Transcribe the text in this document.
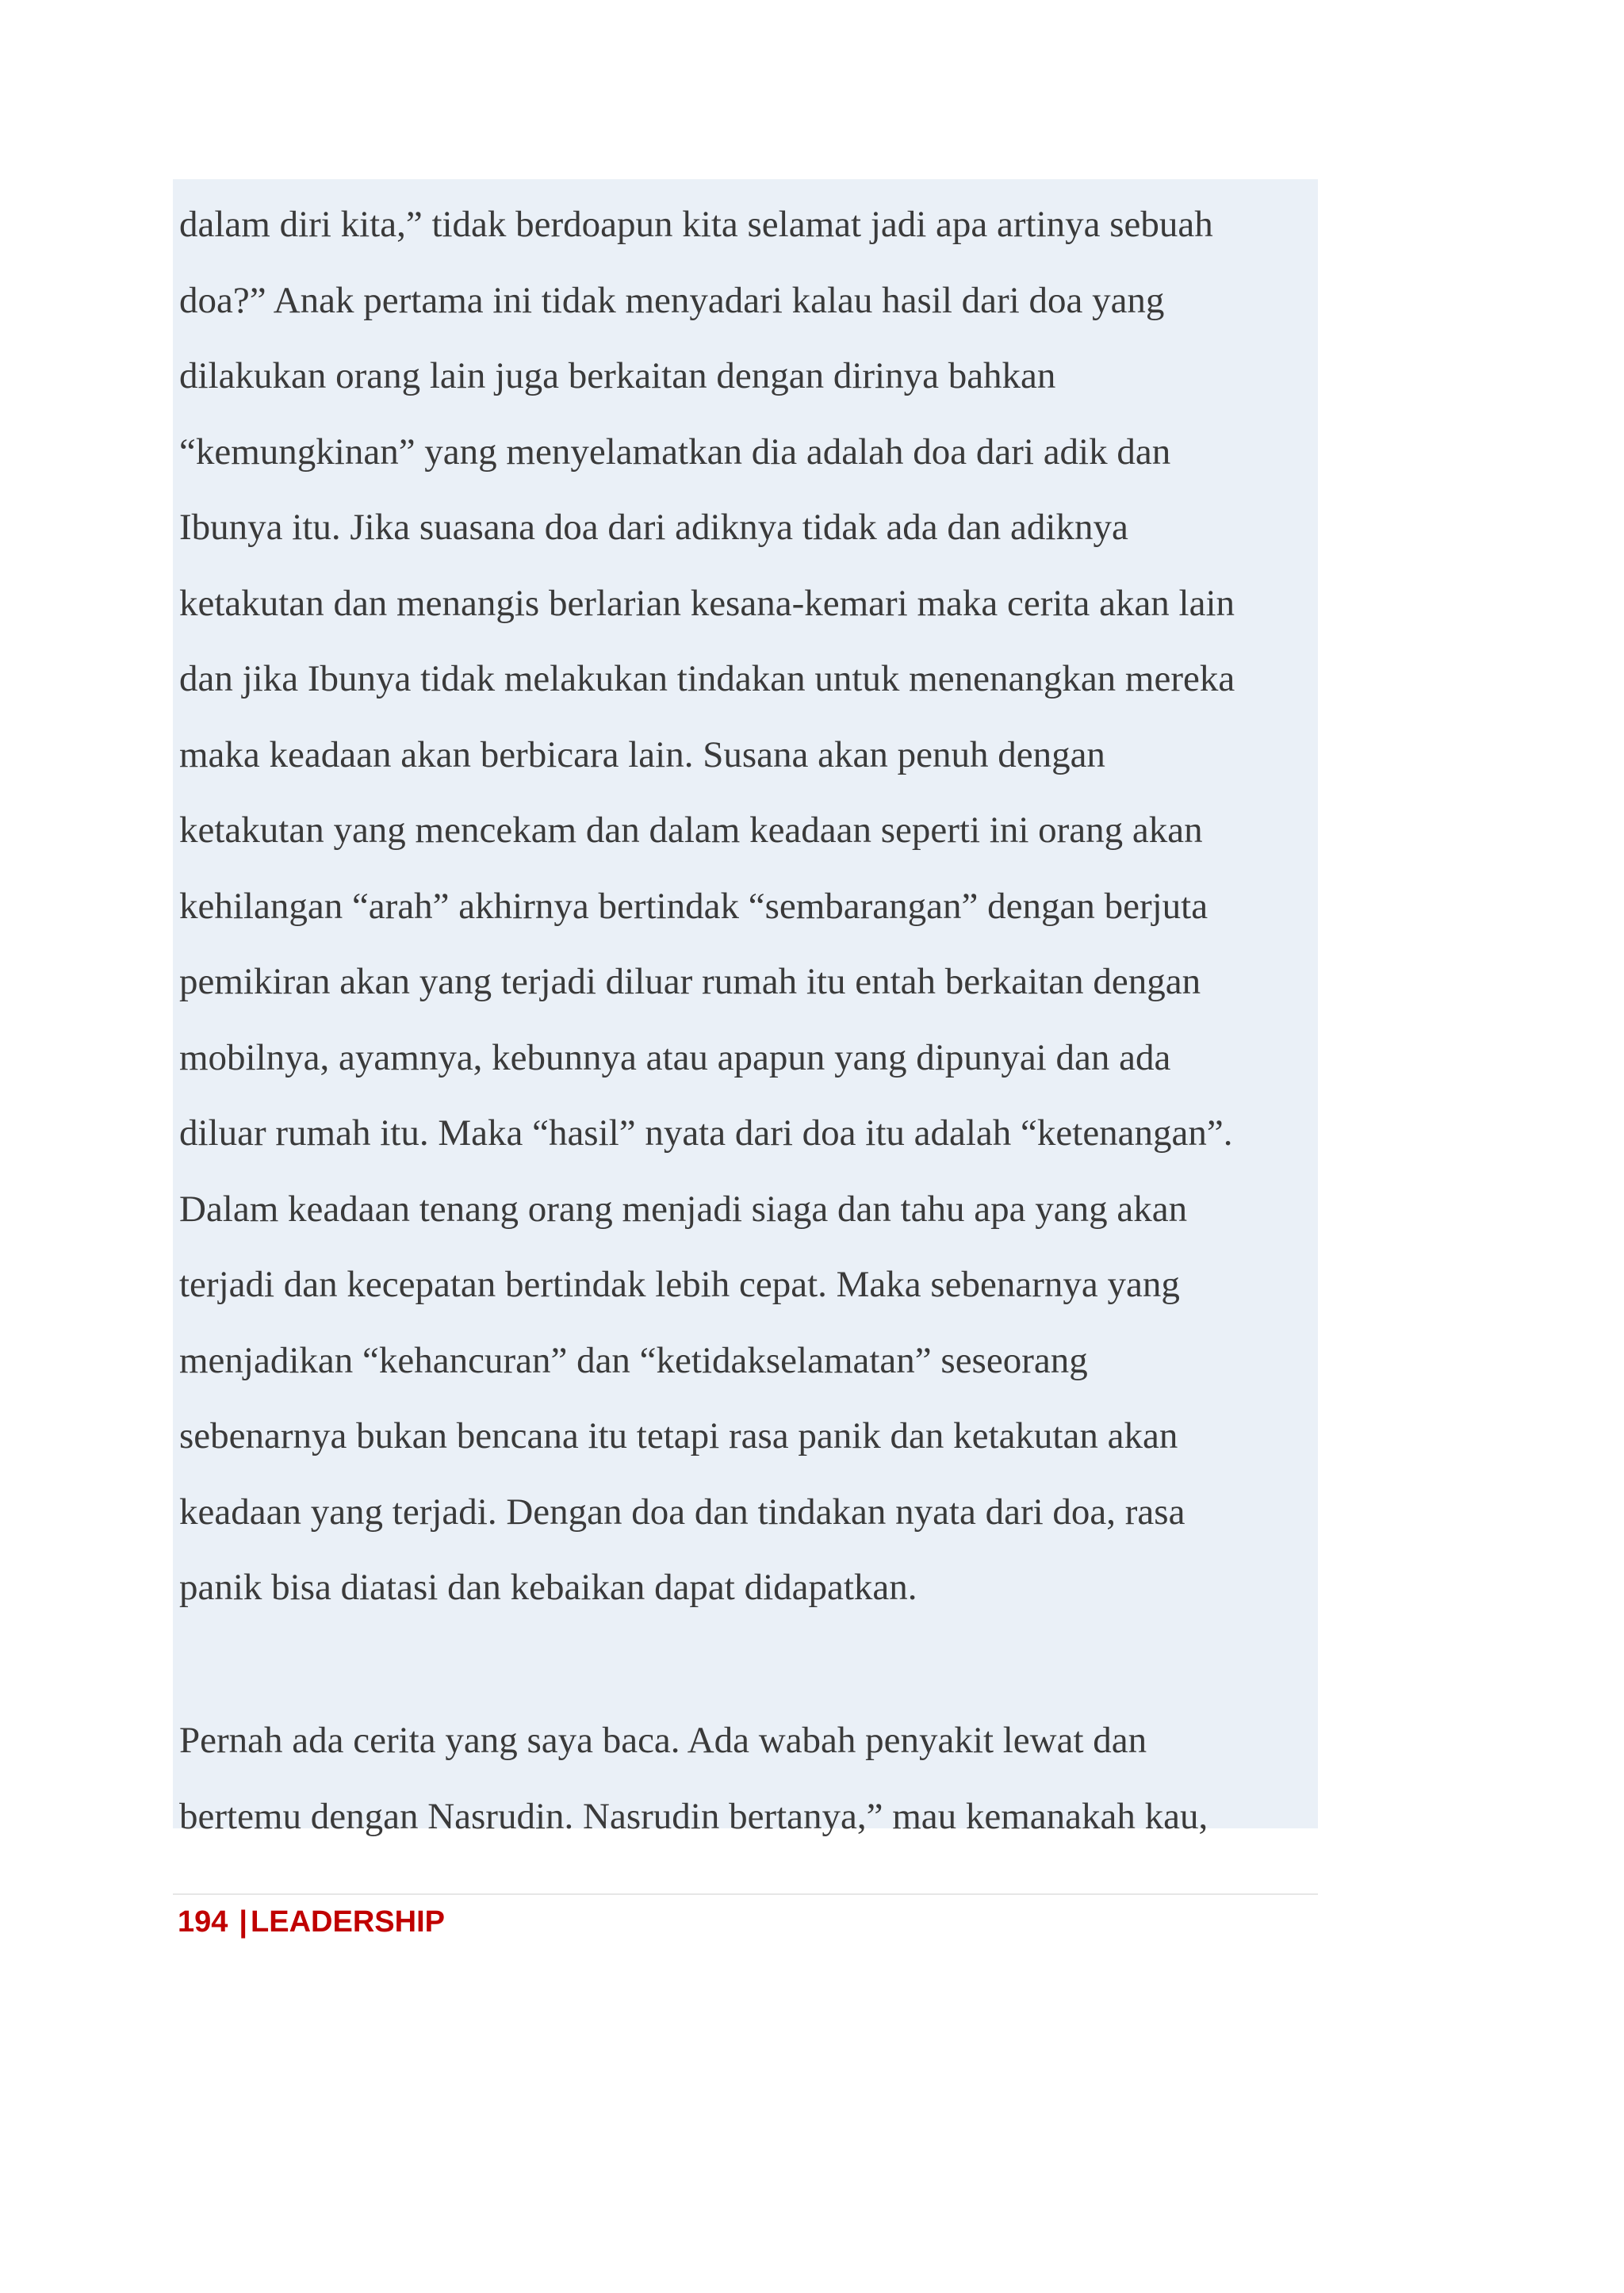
dalam diri kita,” tidak berdoapun kita selamat jadi apa artinya sebuah
doa?” Anak pertama ini tidak menyadari kalau hasil dari doa yang
dilakukan orang lain juga berkaitan dengan dirinya bahkan
“kemungkinan” yang menyelamatkan dia adalah doa dari adik dan
Ibunya itu. Jika suasana doa dari adiknya tidak ada dan adiknya
ketakutan dan menangis berlarian kesana-kemari maka cerita akan lain
dan jika Ibunya tidak melakukan tindakan untuk menenangkan mereka
maka keadaan akan berbicara lain. Susana akan penuh dengan
ketakutan yang mencekam dan dalam keadaan seperti ini orang akan
kehilangan “arah” akhirnya bertindak “sembarangan” dengan berjuta
pemikiran akan yang terjadi diluar rumah itu entah berkaitan dengan
mobilnya, ayamnya, kebunnya atau apapun yang dipunyai dan ada
diluar rumah itu. Maka “hasil” nyata dari doa itu adalah “ketenangan”.
Dalam keadaan tenang orang menjadi siaga dan tahu apa yang akan
terjadi dan kecepatan bertindak lebih cepat. Maka sebenarnya yang
menjadikan “kehancuran” dan “ketidakselamatan” seseorang
sebenarnya bukan bencana itu tetapi rasa panik dan ketakutan akan
keadaan yang terjadi. Dengan doa dan tindakan nyata dari doa, rasa
panik bisa diatasi dan kebaikan dapat didapatkan.
Pernah ada cerita yang saya baca. Ada wabah penyakit lewat dan
bertemu dengan Nasrudin. Nasrudin bertanya,” mau kemanakah kau,
194 | LEADERSHIP
